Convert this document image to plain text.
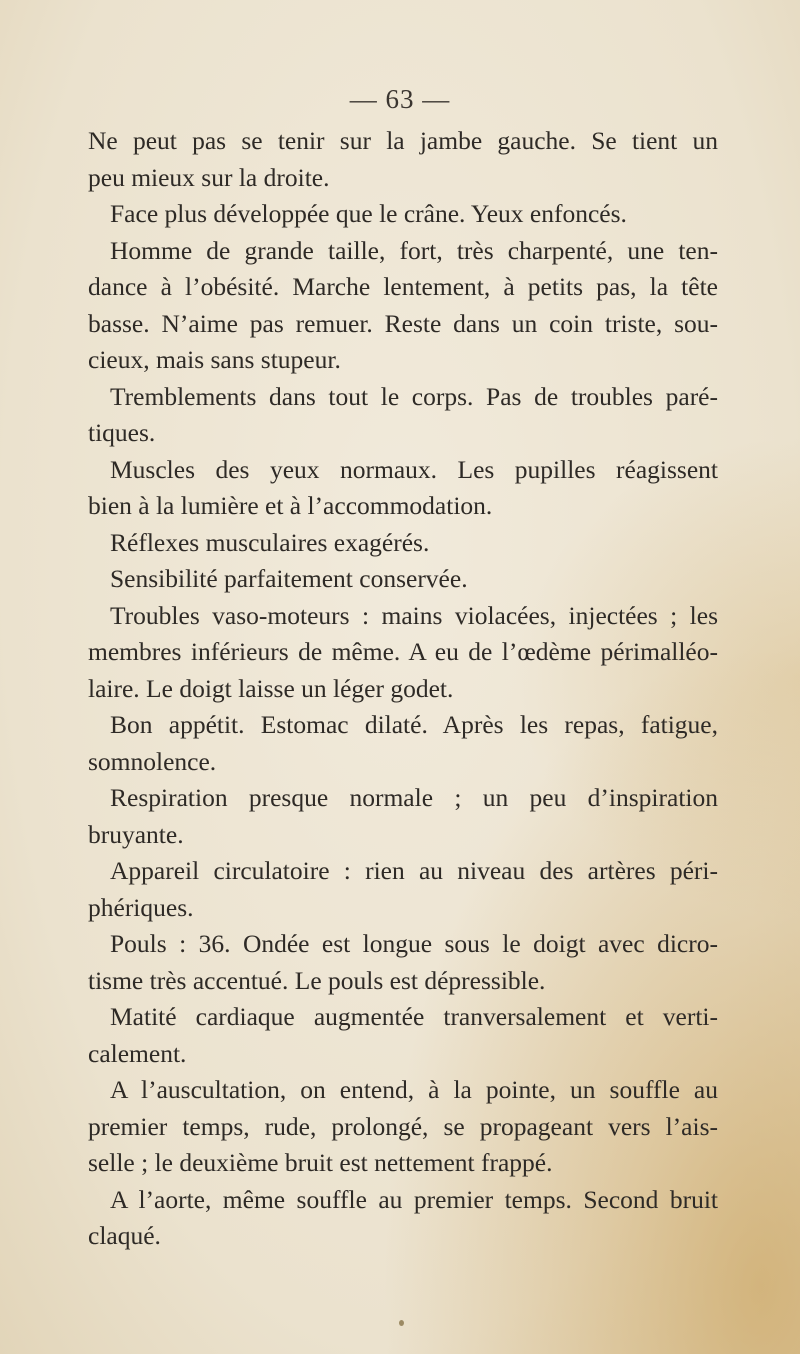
— 63 —
Ne peut pas se tenir sur la jambe gauche. Se tient un
peu mieux sur la droite.
Face plus développée que le crâne. Yeux enfoncés.
Homme de grande taille, fort, très charpenté, une ten-
dance à l’obésité. Marche lentement, à petits pas, la tête
basse. N’aime pas remuer. Reste dans un coin triste, sou-
cieux, mais sans stupeur.
Tremblements dans tout le corps. Pas de troubles paré-
tiques.
Muscles des yeux normaux. Les pupilles réagissent
bien à la lumière et à l’accommodation.
Réflexes musculaires exagérés.
Sensibilité parfaitement conservée.
Troubles vaso-moteurs : mains violacées, injectées ; les
membres inférieurs de même. A eu de l’œdème périmalléo-
laire. Le doigt laisse un léger godet.
Bon appétit. Estomac dilaté. Après les repas, fatigue,
somnolence.
Respiration presque normale ; un peu d’inspiration
bruyante.
Appareil circulatoire : rien au niveau des artères péri-
phériques.
Pouls : 36. Ondée est longue sous le doigt avec dicro-
tisme très accentué. Le pouls est dépressible.
Matité cardiaque augmentée tranversalement et verti-
calement.
A l’auscultation, on entend, à la pointe, un souffle au
premier temps, rude, prolongé, se propageant vers l’ais-
selle ; le deuxième bruit est nettement frappé.
A l’aorte, même souffle au premier temps. Second bruit
claqué.
